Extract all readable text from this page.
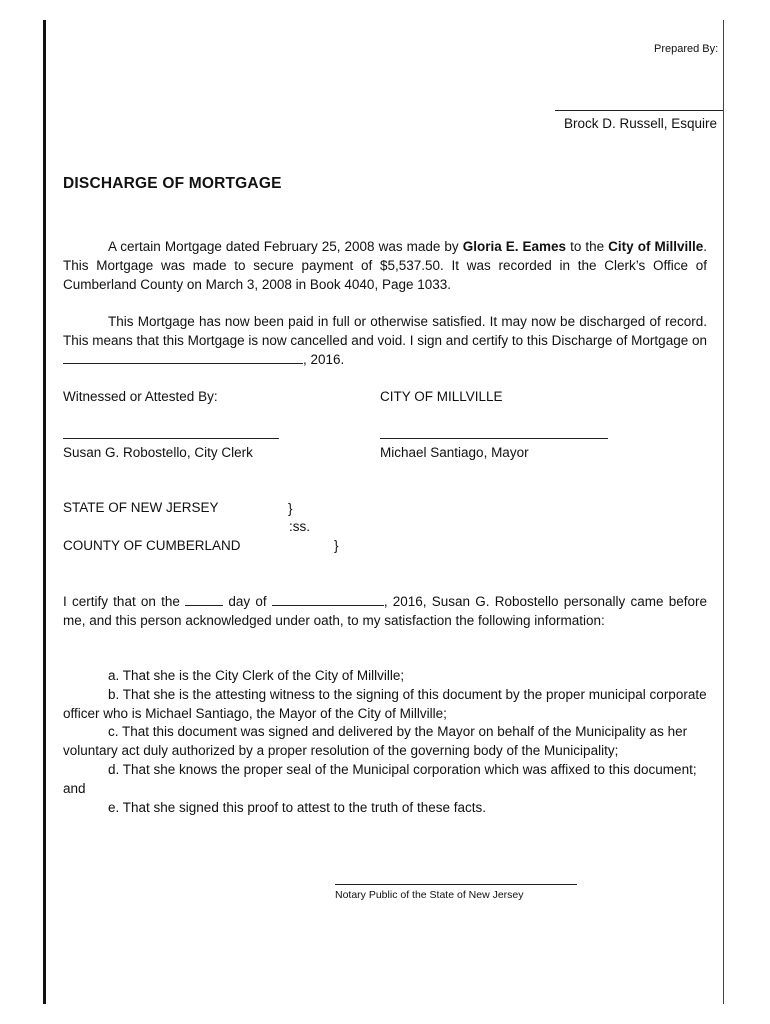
Prepared By:
Brock D. Russell, Esquire
DISCHARGE OF MORTGAGE
A certain Mortgage dated February 25, 2008 was made by Gloria E. Eames to the City of Millville. This Mortgage was made to secure payment of $5,537.50. It was recorded in the Clerk’s Office of Cumberland County on March 3, 2008 in Book 4040, Page 1033.
This Mortgage has now been paid in full or otherwise satisfied. It may now be discharged of record. This means that this Mortgage is now cancelled and void. I sign and certify to this Discharge of Mortgage on , 2016.
Witnessed or Attested By:	CITY OF MILLVILLE
Susan G. Robostello, City Clerk	Michael Santiago, Mayor
STATE OF NEW JERSEY	}
:ss.
COUNTY OF CUMBERLAND	}
I certify that on the	day of	, 2016, Susan G. Robostello personally came before me, and this person acknowledged under oath, to my satisfaction the following information:
a. That she is the City Clerk of the City of Millville;
b. That she is the attesting witness to the signing of this document by the proper municipal corporate officer who is Michael Santiago, the Mayor of the City of Millville;
c. That this document was signed and delivered by the Mayor on behalf of the Municipality as her voluntary act duly authorized by a proper resolution of the governing body of the Municipality;
d. That she knows the proper seal of the Municipal corporation which was affixed to this document; and
e. That she signed this proof to attest to the truth of these facts.
Notary Public of the State of New Jersey
